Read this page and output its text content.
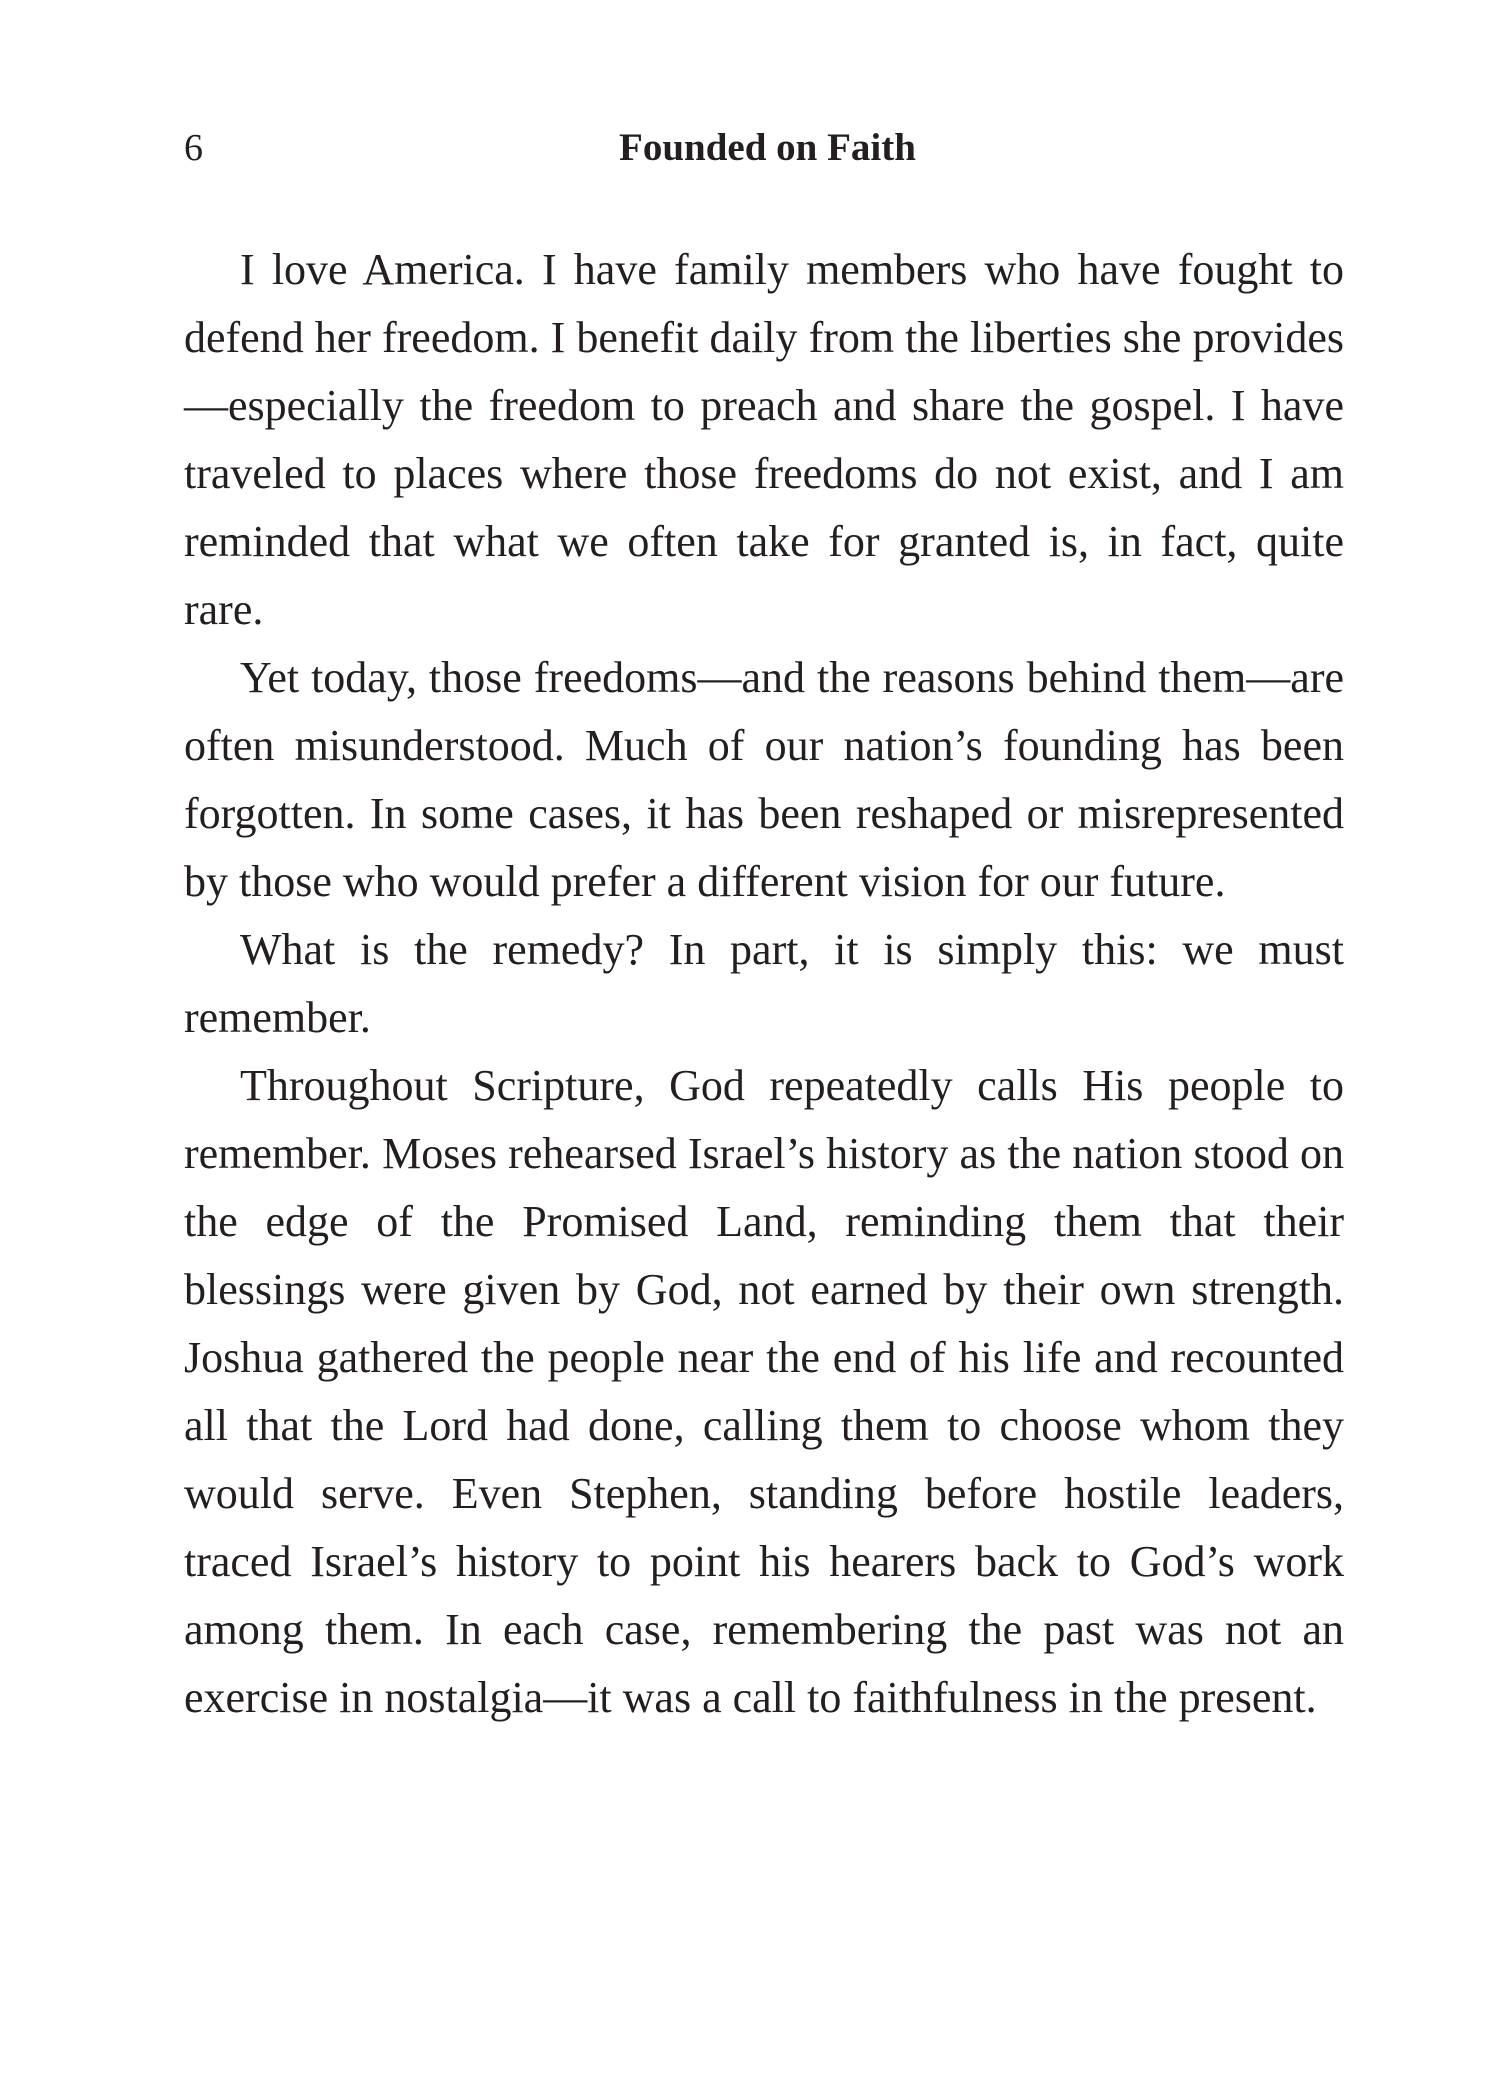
6	Founded on Faith

I love America. I have family members who have fought to defend her freedom. I benefit daily from the liberties she provides—especially the freedom to preach and share the gospel. I have traveled to places where those freedoms do not exist, and I am reminded that what we often take for granted is, in fact, quite rare.

Yet today, those freedoms—and the reasons behind them—are often misunderstood. Much of our nation’s founding has been forgotten. In some cases, it has been reshaped or misrepresented by those who would prefer a different vision for our future.

What is the remedy? In part, it is simply this: we must remember.

Throughout Scripture, God repeatedly calls His people to remember. Moses rehearsed Israel’s history as the nation stood on the edge of the Promised Land, reminding them that their blessings were given by God, not earned by their own strength. Joshua gathered the people near the end of his life and recounted all that the Lord had done, calling them to choose whom they would serve. Even Stephen, standing before hostile leaders, traced Israel’s history to point his hearers back to God’s work among them. In each case, remembering the past was not an exercise in nostalgia—it was a call to faithfulness in the present.
